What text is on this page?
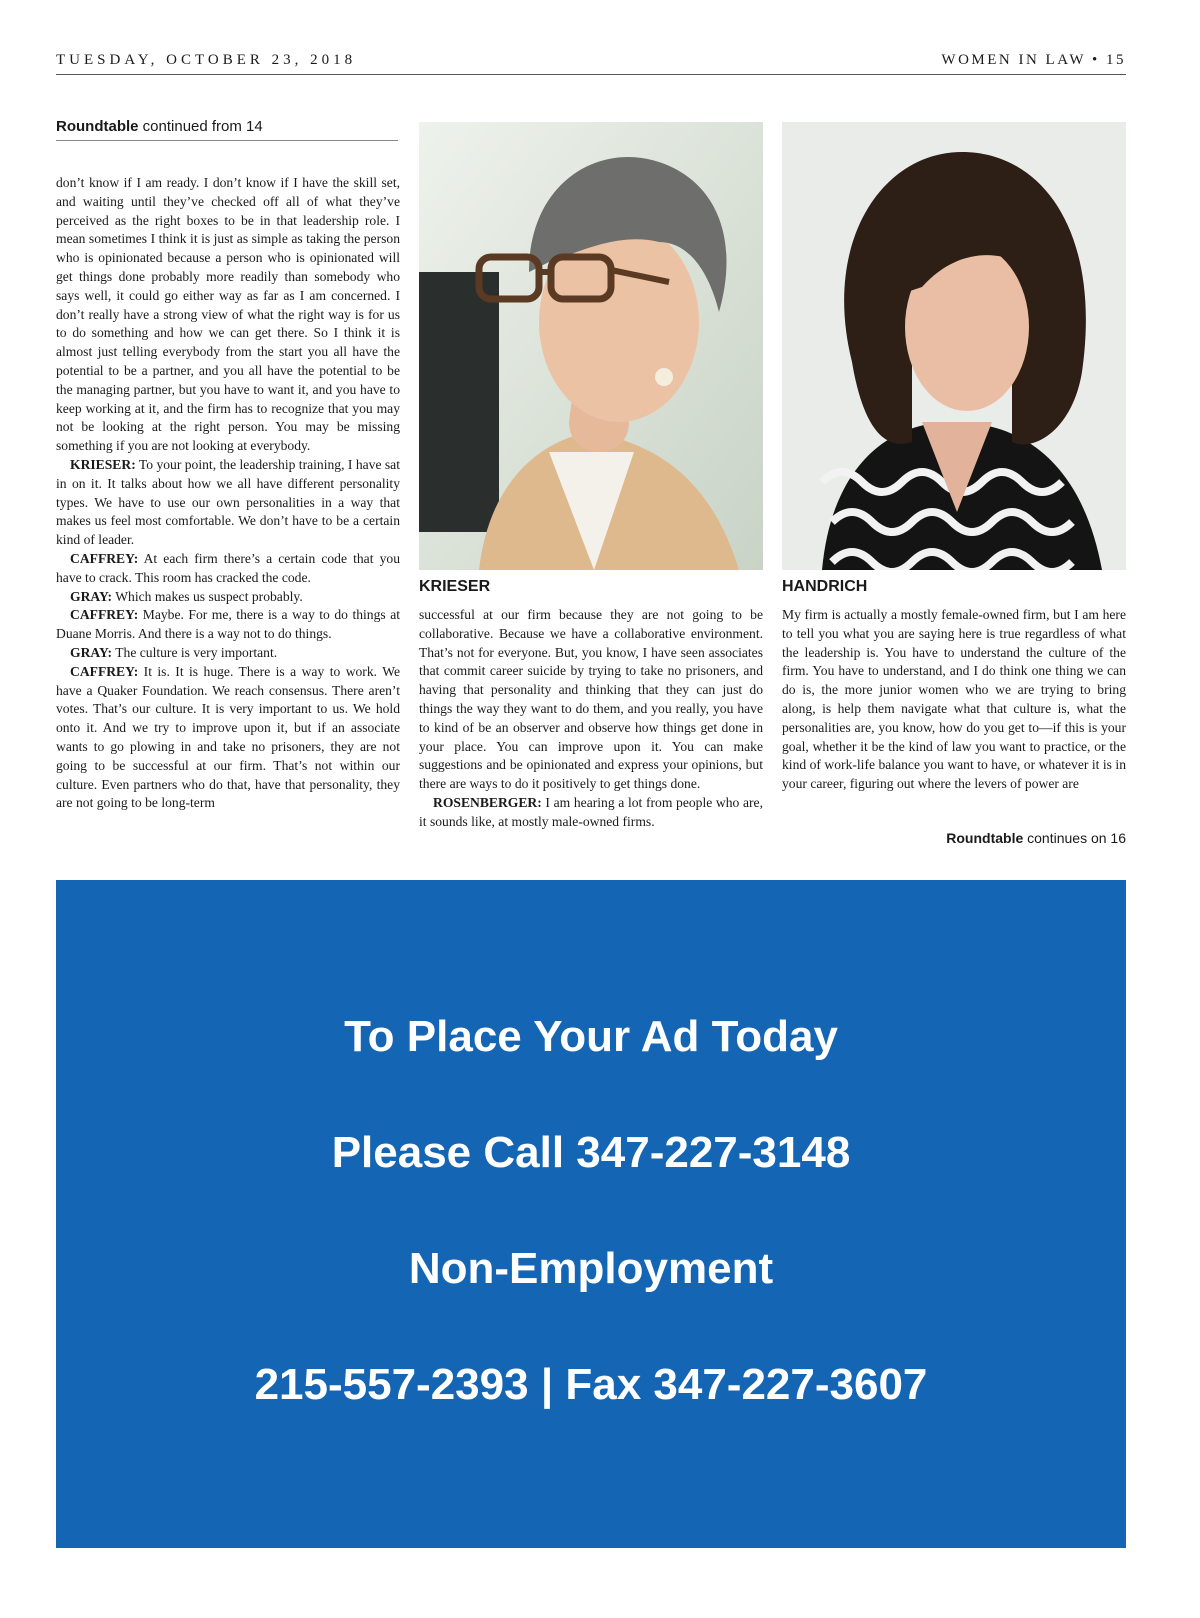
TUESDAY, OCTOBER 23, 2018	WOMEN IN LAW • 15
Roundtable continued from 14

don’t know if I am ready. I don’t know if I have the skill set, and waiting until they’ve checked off all of what they’ve perceived as the right boxes to be in that leadership role. I mean sometimes I think it is just as simple as taking the person who is opinionated because a person who is opinionated will get things done probably more readily than somebody who says well, it could go either way as far as I am concerned. I don’t really have a strong view of what the right way is for us to do something and how we can get there. So I think it is almost just telling everybody from the start you all have the potential to be a partner, and you all have the potential to be the managing partner, but you have to want it, and you have to keep working at it, and the firm has to recognize that you may not be looking at the right person. You may be missing something if you are not looking at everybody.

KRIESER: To your point, the leadership training, I have sat in on it. It talks about how we all have different personality types. We have to use our own personalities in a way that makes us feel most comfortable. We don’t have to be a certain kind of leader.

CAFFREY: At each firm there’s a certain code that you have to crack. This room has cracked the code.

GRAY: Which makes us suspect probably.

CAFFREY: Maybe. For me, there is a way to do things at Duane Morris. And there is a way not to do things.

GRAY: The culture is very important.

CAFFREY: It is. It is huge. There is a way to work. We have a Quaker Foundation. We reach consensus. There aren’t votes. That’s our culture. It is very important to us. We hold onto it. And we try to improve upon it, but if an associate wants to go plowing in and take no prisoners, they are not going to be successful at our firm. That’s not within our culture. Even partners who do that, have that personality, they are not going to be long-term

KRIESER	HANDRICH

successful at our firm because they are not going to be collaborative. Because we have a collaborative environment. That’s not for everyone. But, you know, I have seen associates that commit career suicide by trying to take no prisoners, and having that personality and thinking that they can just do things the way they want to do them, and you really, you have to kind of be an observer and observe how things get done in your place. You can improve upon it. You can make suggestions and be opinionated and express your opinions, but there are ways to do it positively to get things done.

ROSENBERGER: I am hearing a lot from people who are, it sounds like, at mostly male-owned firms.

My firm is actually a mostly female-owned firm, but I am here to tell you what you are saying here is true regardless of what the leadership is. You have to understand the culture of the firm. You have to understand, and I do think one thing we can do is, the more junior women who we are trying to bring along, is help them navigate what that culture is, what the personalities are, you know, how do you get to—if this is your goal, whether it be the kind of law you want to practice, or the kind of work-life balance you want to have, or whatever it is in your career, figuring out where the levers of power are

Roundtable continues on 16
To Place Your Ad Today
Please Call 347-227-3148
Non-Employment
215-557-2393 | Fax 347-227-3607
